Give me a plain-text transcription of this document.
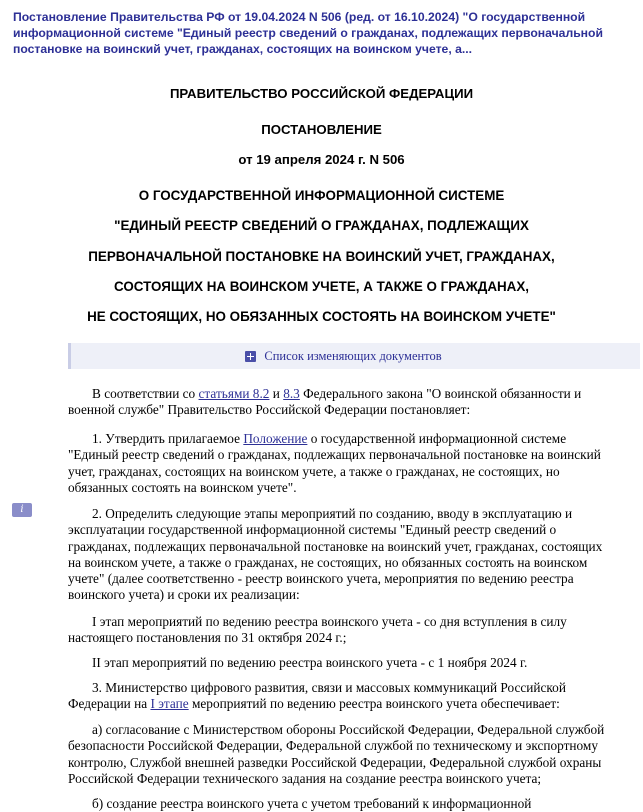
Постановление Правительства РФ от 19.04.2024 N 506 (ред. от 16.10.2024) "О государственной информационной системе "Единый реестр сведений о гражданах, подлежащих первоначальной постановке на воинский учет, гражданах, состоящих на воинском учете, а...
ПРАВИТЕЛЬСТВО РОССИЙСКОЙ ФЕДЕРАЦИИ
ПОСТАНОВЛЕНИЕ
от 19 апреля 2024 г. N 506
О ГОСУДАРСТВЕННОЙ ИНФОРМАЦИОННОЙ СИСТЕМЕ
"ЕДИНЫЙ РЕЕСТР СВЕДЕНИЙ О ГРАЖДАНАХ, ПОДЛЕЖАЩИХ
ПЕРВОНАЧАЛЬНОЙ ПОСТАНОВКЕ НА ВОИНСКИЙ УЧЕТ, ГРАЖДАНАХ,
СОСТОЯЩИХ НА ВОИНСКОМ УЧЕТЕ, А ТАКЖЕ О ГРАЖДАНАХ,
НЕ СОСТОЯЩИХ, НО ОБЯЗАННЫХ СОСТОЯТЬ НА ВОИНСКОМ УЧЕТЕ"
Список изменяющих документов
В соответствии со статьями 8.2 и 8.3 Федерального закона "О воинской обязанности и военной службе" Правительство Российской Федерации постановляет:
1. Утвердить прилагаемое Положение о государственной информационной системе "Единый реестр сведений о гражданах, подлежащих первоначальной постановке на воинский учет, гражданах, состоящих на воинском учете, а также о гражданах, не состоящих, но обязанных состоять на воинском учете".
i	2. Определить следующие этапы мероприятий по созданию, вводу в эксплуатацию и эксплуатации государственной информационной системы "Единый реестр сведений о гражданах, подлежащих первоначальной постановке на воинский учет, гражданах, состоящих на воинском учете, а также о гражданах, не состоящих, но обязанных состоять на воинском учете" (далее соответственно - реестр воинского учета, мероприятия по ведению реестра воинского учета) и сроки их реализации:
I этап мероприятий по ведению реестра воинского учета - со дня вступления в силу настоящего постановления по 31 октября 2024 г.;
II этап мероприятий по ведению реестра воинского учета - с 1 ноября 2024 г.
3. Министерство цифрового развития, связи и массовых коммуникаций Российской Федерации на I этапе мероприятий по ведению реестра воинского учета обеспечивает:
а) согласование с Министерством обороны Российской Федерации, Федеральной службой безопасности Российской Федерации, Федеральной службой по техническому и экспортному контролю, Службой внешней разведки Российской Федерации, Федеральной службой охраны Российской Федерации технического задания на создание реестра воинского учета;
б) создание реестра воинского учета с учетом требований к информационной
